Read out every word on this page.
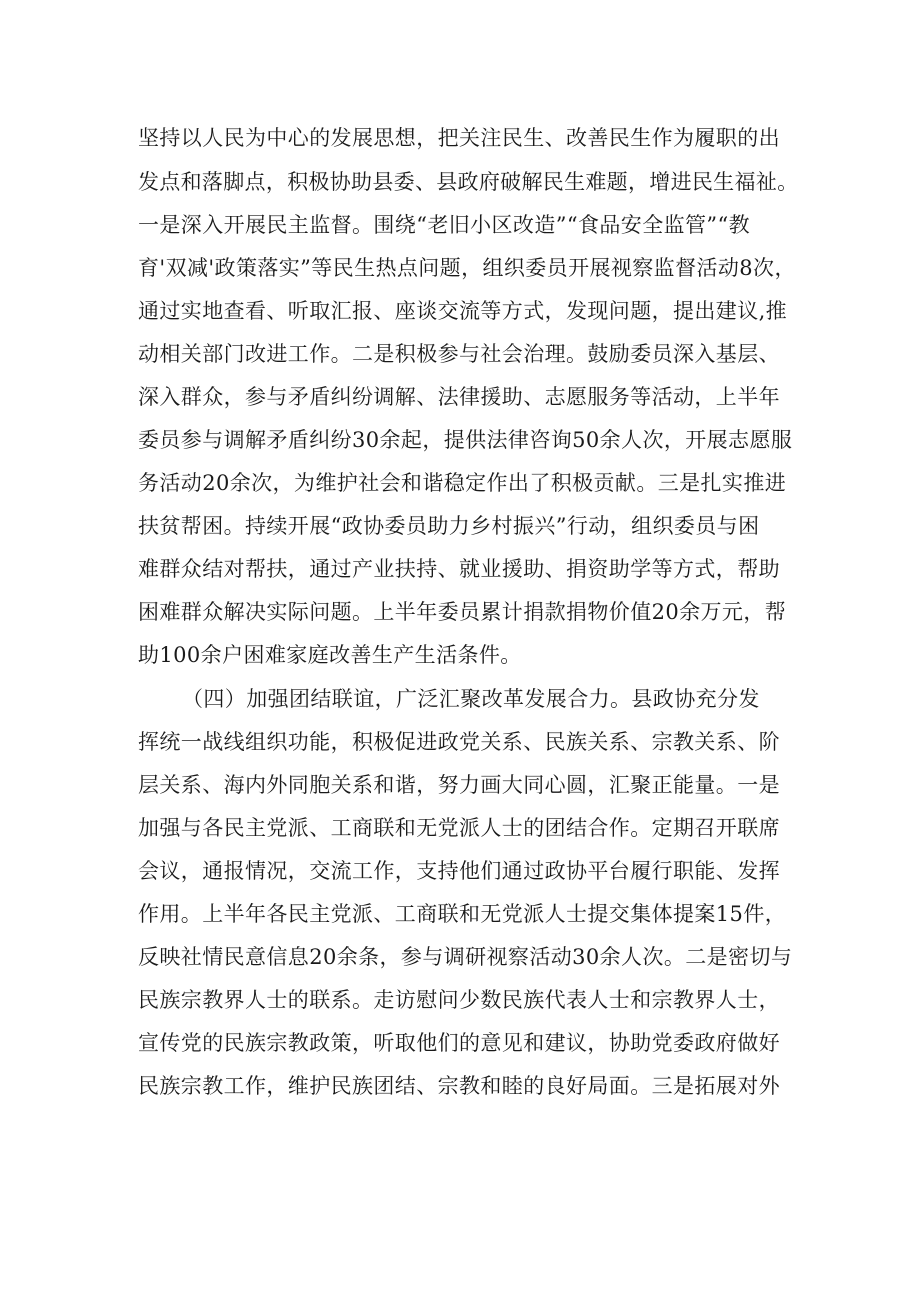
坚持以人民为中心的发展思想，把关注民生、改善民生作为履职的出
发点和落脚点，积极协助县委、县政府破解民生难题，增进民生福祉。
一是深入开展民主监督。围绕“老旧小区改造”“食品安全监管”“教
育'双减'政策落实”等民生热点问题，组织委员开展视察监督活动8次，
通过实地查看、听取汇报、座谈交流等方式，发现问题，提出建议,推
动相关部门改进工作。二是积极参与社会治理。鼓励委员深入基层、
深入群众，参与矛盾纠纷调解、法律援助、志愿服务等活动，上半年
委员参与调解矛盾纠纷30余起，提供法律咨询50余人次，开展志愿服
务活动20余次，为维护社会和谐稳定作出了积极贡献。三是扎实推进
扶贫帮困。持续开展“政协委员助力乡村振兴”行动，组织委员与困
难群众结对帮扶，通过产业扶持、就业援助、捐资助学等方式，帮助
困难群众解决实际问题。上半年委员累计捐款捐物价值20余万元，帮
助100余户困难家庭改善生产生活条件。
（四）加强团结联谊，广泛汇聚改革发展合力。县政协充分发
挥统一战线组织功能，积极促进政党关系、民族关系、宗教关系、阶
层关系、海内外同胞关系和谐，努力画大同心圆，汇聚正能量。一是
加强与各民主党派、工商联和无党派人士的团结合作。定期召开联席
会议，通报情况，交流工作，支持他们通过政协平台履行职能、发挥
作用。上半年各民主党派、工商联和无党派人士提交集体提案15件，
反映社情民意信息20余条，参与调研视察活动30余人次。二是密切与
民族宗教界人士的联系。走访慰问少数民族代表人士和宗教界人士，
宣传党的民族宗教政策，听取他们的意见和建议，协助党委政府做好
民族宗教工作，维护民族团结、宗教和睦的良好局面。三是拓展对外
